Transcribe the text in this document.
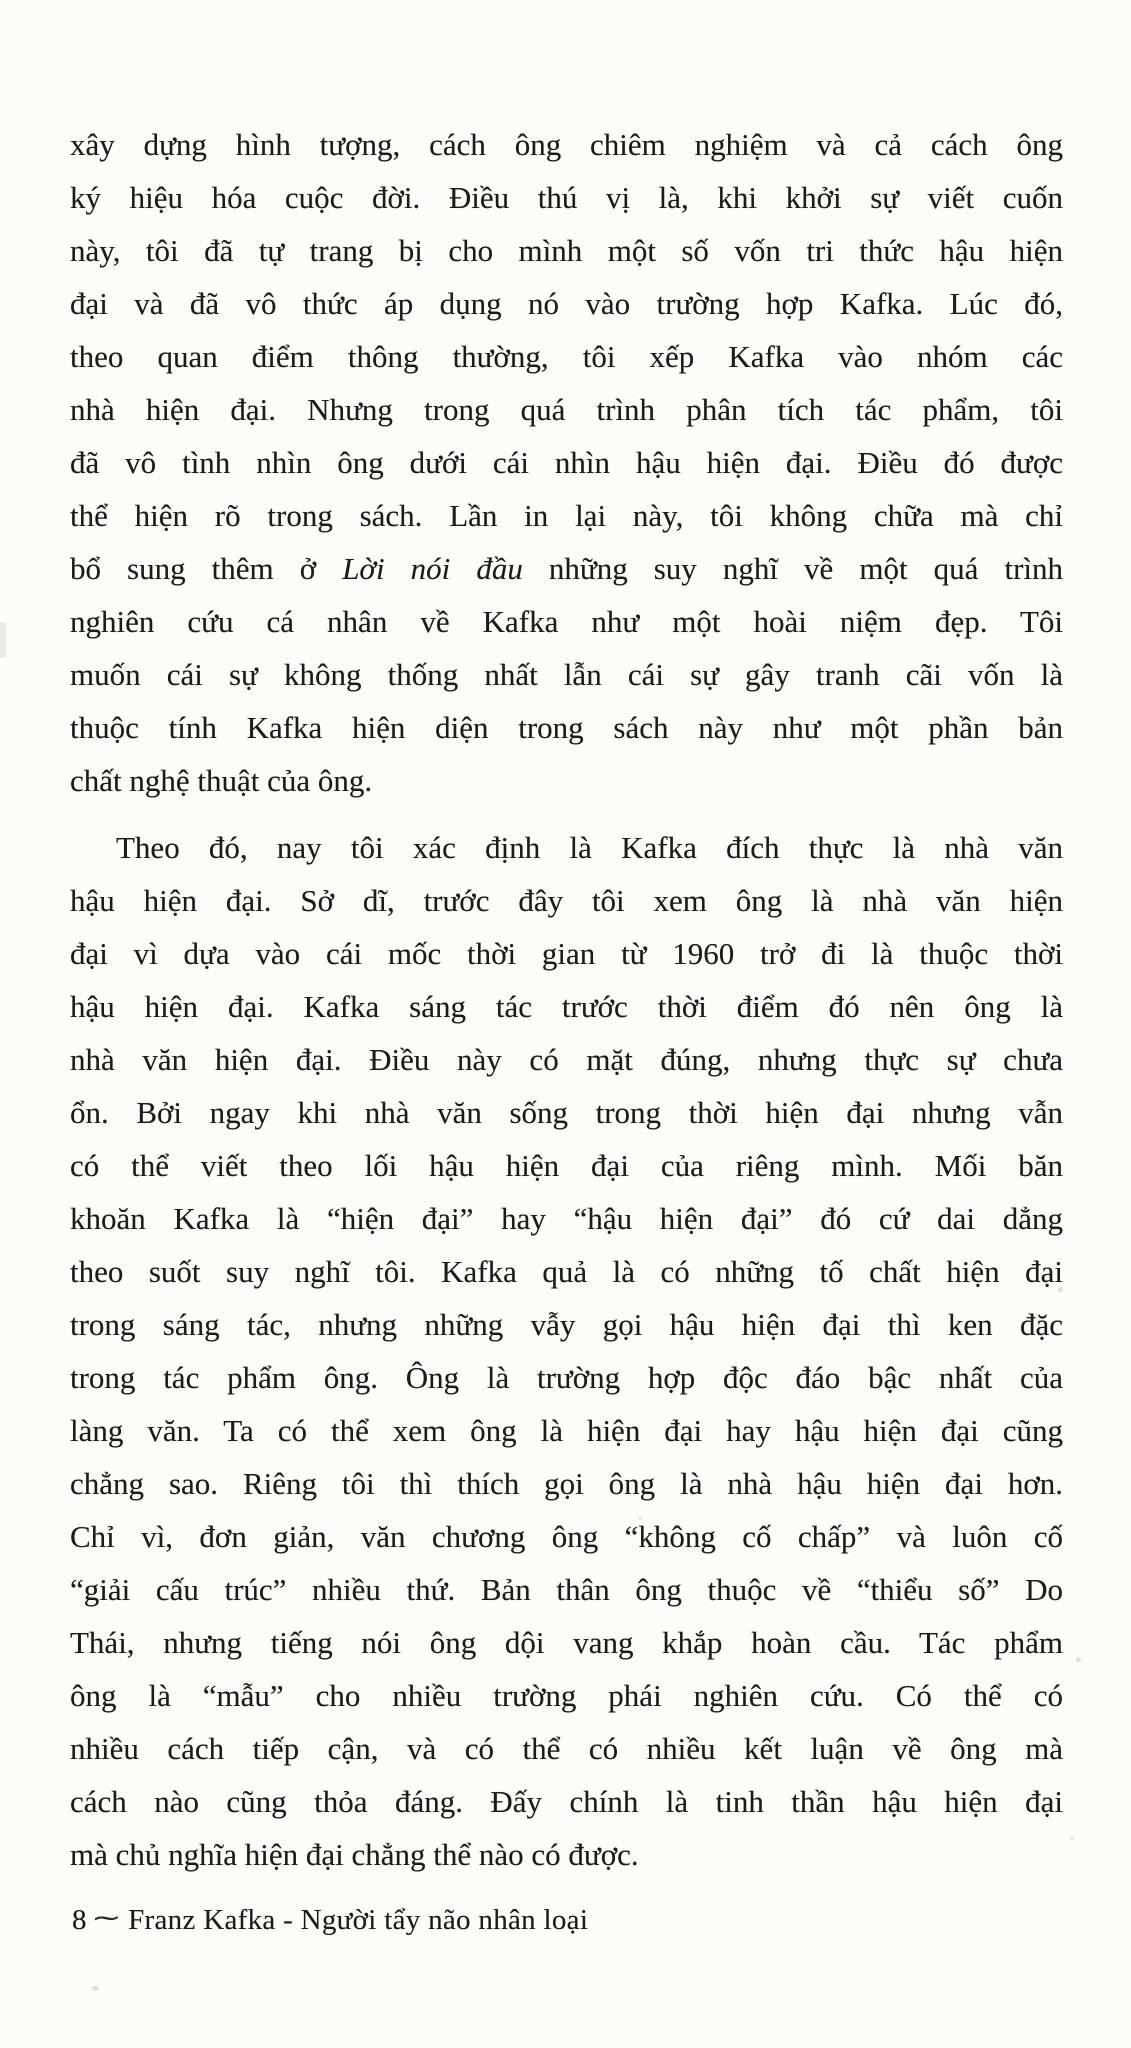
xây dựng hình tượng, cách ông chiêm nghiệm và cả cách ông
ký hiệu hóa cuộc đời. Điều thú vị là, khi khởi sự viết cuốn
này, tôi đã tự trang bị cho mình một số vốn tri thức hậu hiện
đại và đã vô thức áp dụng nó vào trường hợp Kafka. Lúc đó,
theo quan điểm thông thường, tôi xếp Kafka vào nhóm các
nhà hiện đại. Nhưng trong quá trình phân tích tác phẩm, tôi
đã vô tình nhìn ông dưới cái nhìn hậu hiện đại. Điều đó được
thể hiện rõ trong sách. Lần in lại này, tôi không chữa mà chỉ
bổ sung thêm ở Lời nói đầu những suy nghĩ về một quá trình
nghiên cứu cá nhân về Kafka như một hoài niệm đẹp. Tôi
muốn cái sự không thống nhất lẫn cái sự gây tranh cãi vốn là
thuộc tính Kafka hiện diện trong sách này như một phần bản
chất nghệ thuật của ông.
Theo đó, nay tôi xác định là Kafka đích thực là nhà văn
hậu hiện đại. Sở dĩ, trước đây tôi xem ông là nhà văn hiện
đại vì dựa vào cái mốc thời gian từ 1960 trở đi là thuộc thời
hậu hiện đại. Kafka sáng tác trước thời điểm đó nên ông là
nhà văn hiện đại. Điều này có mặt đúng, nhưng thực sự chưa
ổn. Bởi ngay khi nhà văn sống trong thời hiện đại nhưng vẫn
có thể viết theo lối hậu hiện đại của riêng mình. Mối băn
khoăn Kafka là “hiện đại” hay “hậu hiện đại” đó cứ dai dẳng
theo suốt suy nghĩ tôi. Kafka quả là có những tố chất hiện đại
trong sáng tác, nhưng những vẫy gọi hậu hiện đại thì ken đặc
trong tác phẩm ông. Ông là trường hợp độc đáo bậc nhất của
làng văn. Ta có thể xem ông là hiện đại hay hậu hiện đại cũng
chẳng sao. Riêng tôi thì thích gọi ông là nhà hậu hiện đại hơn.
Chỉ vì, đơn giản, văn chương ông “không cố chấp” và luôn cố
“giải cấu trúc” nhiều thứ. Bản thân ông thuộc về “thiểu số” Do
Thái, nhưng tiếng nói ông dội vang khắp hoàn cầu. Tác phẩm
ông là “mẫu” cho nhiều trường phái nghiên cứu. Có thể có
nhiều cách tiếp cận, và có thể có nhiều kết luận về ông mà
cách nào cũng thỏa đáng. Đấy chính là tinh thần hậu hiện đại
mà chủ nghĩa hiện đại chẳng thể nào có được.
8 ⁓ Franz Kafka - Người tẩy não nhân loại
